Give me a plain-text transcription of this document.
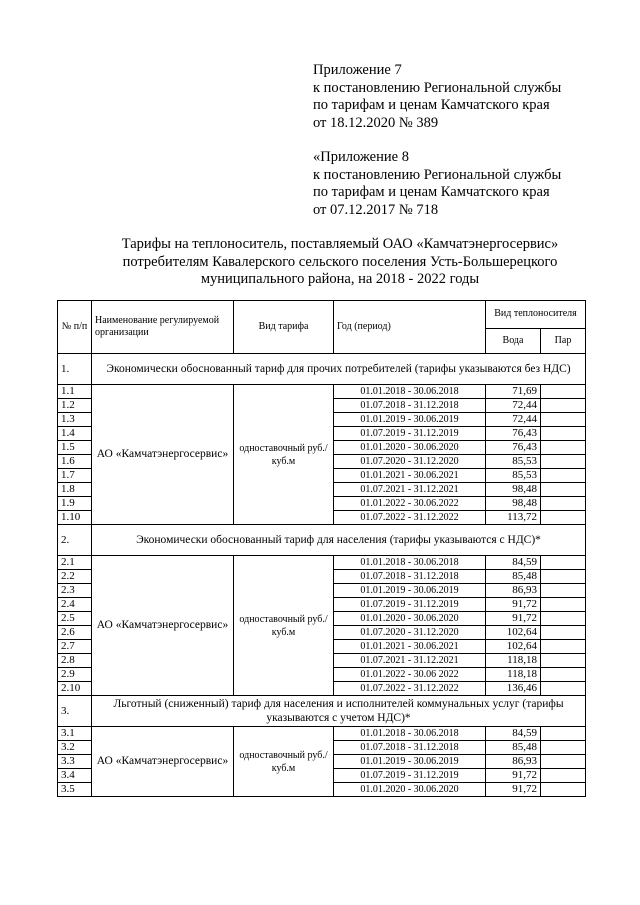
Приложение 7
к постановлению Региональной службы
по тарифам и ценам Камчатского края
от 18.12.2020 № 389
«Приложение 8
к постановлению Региональной службы
по тарифам и ценам Камчатского края
от 07.12.2017 № 718
Тарифы на теплоноситель, поставляемый ОАО «Камчатэнергосервис»
потребителям Кавалерского сельского поселения Усть-Большерецкого
муниципального района, на 2018 - 2022 годы
№ п/п	Наименование регулируемой организации	Вид тарифа	Год (период)	Вид теплоносителя	
				Вода	Пар
1.	Экономически обоснованный тариф для прочих потребителей (тарифы указываются без НДС)				
1.1	АО «Камчатэнергосервис»	одноставочный руб./куб.м	01.01.2018 - 30.06.2018	71,69	
1.2			01.07.2018 - 31.12.2018	72,44	
1.3			01.01.2019 - 30.06.2019	72,44	
1.4			01.07.2019 - 31.12.2019	76,43	
1.5			01.01.2020 - 30.06.2020	76,43	
1.6			01.07.2020 - 31.12.2020	85,53	
1.7			01.01.2021 - 30.06.2021	85,53	
1.8			01.07.2021 - 31.12.2021	98,48	
1.9			01.01.2022 - 30.06.2022	98,48	
1.10			01.07.2022 - 31.12.2022	113,72	
2.	Экономически обоснованный тариф для населения (тарифы указываются с НДС)*				
2.1	АО «Камчатэнергосервис»	одноставочный руб./куб.м	01.01.2018 - 30.06.2018	84,59	
2.2			01.07.2018 - 31.12.2018	85,48	
2.3			01.01.2019 - 30.06.2019	86,93	
2.4			01.07.2019 - 31.12.2019	91,72	
2.5			01.01.2020 - 30.06.2020	91,72	
2.6			01.07.2020 - 31.12.2020	102,64	
2.7			01.01.2021 - 30.06.2021	102,64	
2.8			01.07.2021 - 31.12.2021	118,18	
2.9			01.01.2022 - 30.06 2022	118,18	
2.10			01.07.2022 - 31.12.2022	136,46	
3.	Льготный (сниженный) тариф для населения и исполнителей коммунальных услуг (тарифы указываются с учетом НДС)*				
3.1	АО «Камчатэнергосервис»	одноставочный руб./куб.м	01.01.2018 - 30.06.2018	84,59	
3.2			01.07.2018 - 31.12.2018	85,48	
3.3			01.01.2019 - 30.06.2019	86,93	
3.4			01.07.2019 - 31.12.2019	91,72	
3.5			01.01.2020 - 30.06.2020	91,72	
